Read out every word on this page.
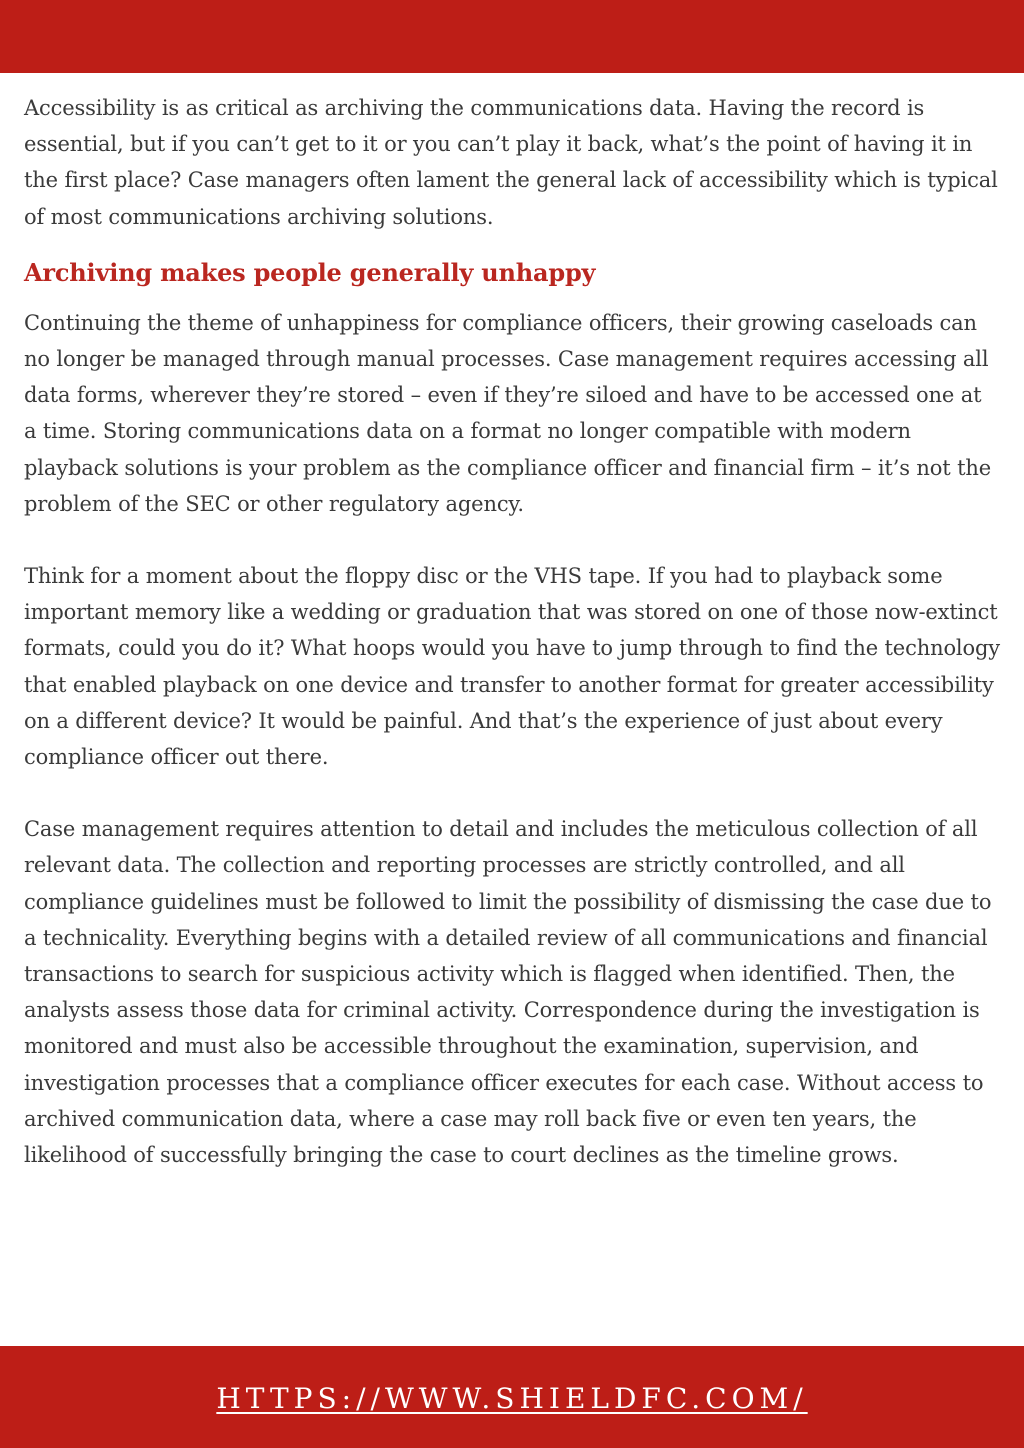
Accessibility is as critical as archiving the communications data. Having the record is essential, but if you can’t get to it or you can’t play it back, what’s the point of having it in the first place? Case managers often lament the general lack of accessibility which is typical of most communications archiving solutions.

Archiving makes people generally unhappy

Continuing the theme of unhappiness for compliance officers, their growing caseloads can no longer be managed through manual processes. Case management requires accessing all data forms, wherever they’re stored – even if they’re siloed and have to be accessed one at a time. Storing communications data on a format no longer compatible with modern playback solutions is your problem as the compliance officer and financial firm – it’s not the problem of the SEC or other regulatory agency.

Think for a moment about the floppy disc or the VHS tape. If you had to playback some important memory like a wedding or graduation that was stored on one of those now-extinct formats, could you do it? What hoops would you have to jump through to find the technology that enabled playback on one device and transfer to another format for greater accessibility on a different device? It would be painful. And that’s the experience of just about every compliance officer out there.

Case management requires attention to detail and includes the meticulous collection of all relevant data. The collection and reporting processes are strictly controlled, and all compliance guidelines must be followed to limit the possibility of dismissing the case due to a technicality. Everything begins with a detailed review of all communications and financial transactions to search for suspicious activity which is flagged when identified. Then, the analysts assess those data for criminal activity. Correspondence during the investigation is monitored and must also be accessible throughout the examination, supervision, and investigation processes that a compliance officer executes for each case. Without access to archived communication data, where a case may roll back five or even ten years, the likelihood of successfully bringing the case to court declines as the timeline grows.

HTTPS://WWW.SHIELDFC.COM/
